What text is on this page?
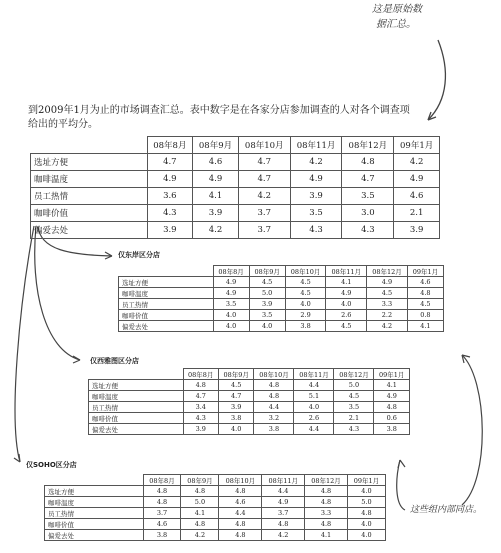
这是原始数
据汇总。
到2009年1月为止的市场调查汇总。表中数字是在各家分店参加调查的人对各个调查项
给出的平均分。
	08年8月	08年9月	08年10月	08年11月	08年12月	09年1月
选址方便	4.7	4.6	4.7	4.2	4.8	4.2
咖啡温度	4.9	4.9	4.7	4.9	4.7	4.9
员工热情	3.6	4.1	4.2	3.9	3.5	4.6
咖啡价值	4.3	3.9	3.7	3.5	3.0	2.1
偏爱去处	3.9	4.2	3.7	4.3	4.3	3.9
仅东岸区分店
	08年8月	08年9月	08年10月	08年11月	08年12月	09年1月
选址方便	4.9	4.5	4.5	4.1	4.9	4.6
咖啡温度	4.9	5.0	4.5	4.9	4.5	4.8
员工热情	3.5	3.9	4.0	4.0	3.3	4.5
咖啡价值	4.0	3.5	2.9	2.6	2.2	0.8
偏爱去处	4.0	4.0	3.8	4.5	4.2	4.1
仅西雅图区分店
	08年8月	08年9月	08年10月	08年11月	08年12月	09年1月
选址方便	4.8	4.5	4.8	4.4	5.0	4.1
咖啡温度	4.7	4.7	4.8	5.1	4.5	4.9
员工热情	3.4	3.9	4.4	4.0	3.5	4.8
咖啡价值	4.3	3.8	3.2	2.6	2.1	0.6
偏爱去处	3.9	4.0	3.8	4.4	4.3	3.8
仅SOHO区分店
	08年8月	08年9月	08年10月	08年11月	08年12月	09年1月
选址方便	4.8	4.8	4.8	4.4	4.8	4.0
咖啡温度	4.8	5.0	4.6	4.9	4.8	5.0
员工热情	3.7	4.1	4.4	3.7	3.3	4.8
咖啡价值	4.6	4.8	4.8	4.8	4.8	4.0
偏爱去处	3.8	4.2	4.8	4.2	4.1	4.0
这些组内部同店。
